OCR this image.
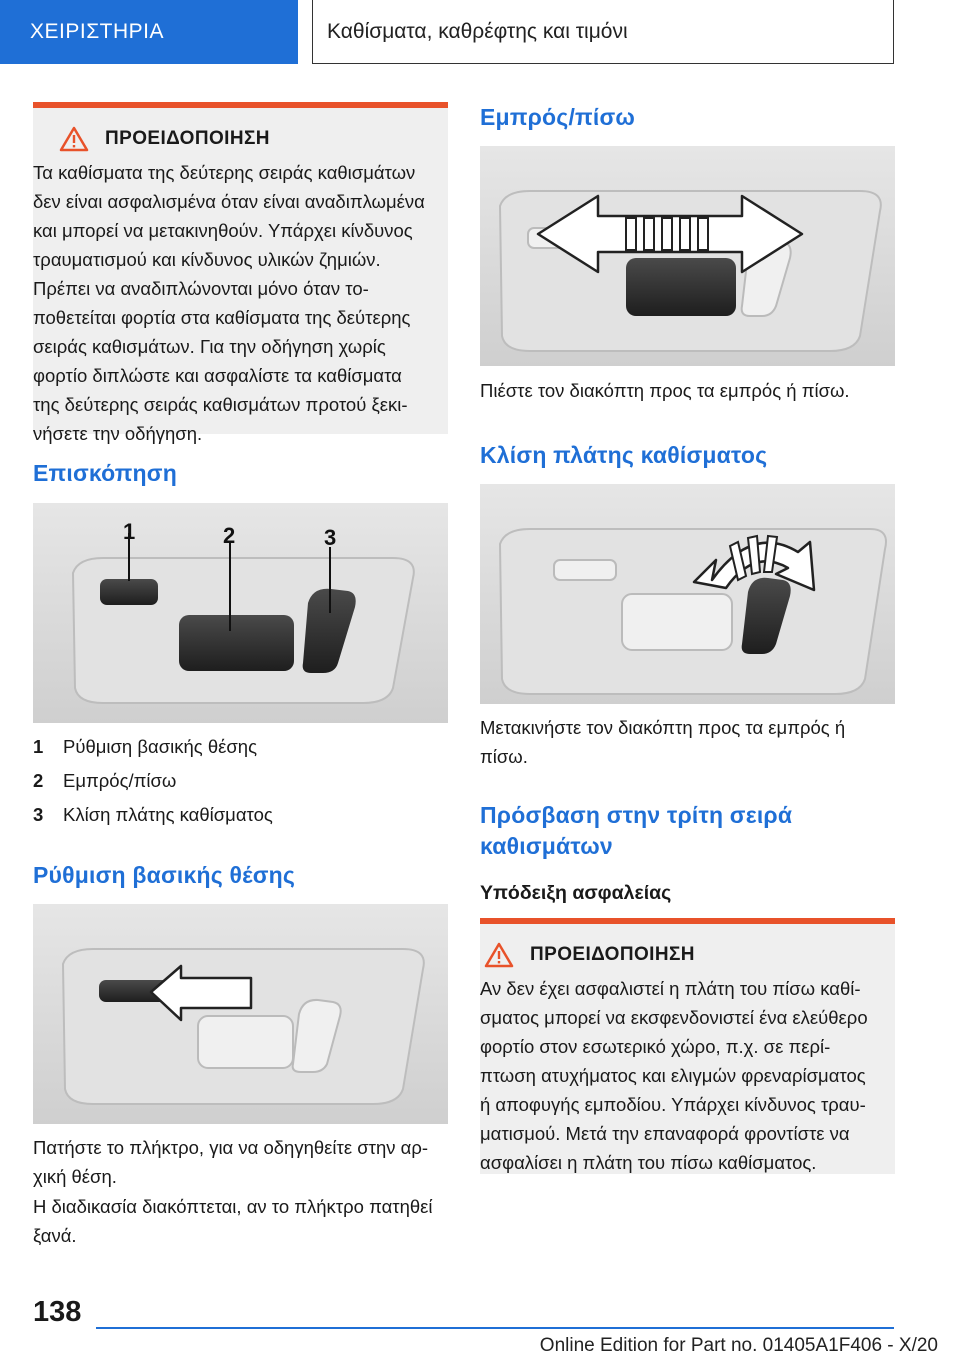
ΧΕΙΡΙΣΤΗΡΙΑ	Καθίσματα, καθρέφτης και τιμόνι
ΠΡΟΕΙΔΟΠΟΙΗΣΗ
Τα καθίσματα της δεύτερης σειράς καθισμάτων δεν είναι ασφαλισμένα όταν είναι αναδιπλωμένα και μπορεί να μετακινηθούν. Υπάρχει κίνδυνος τραυματισμού και κίνδυνος υλικών ζημιών. Πρέπει να αναδιπλώνονται μόνο όταν τοποθετείται φορτία στα καθίσματα της δεύτερης σειράς καθισμάτων. Για την οδήγηση χωρίς φορτίο διπλώστε και ασφαλίστε τα καθίσματα της δεύτερης σειράς καθισμάτων προτού ξεκινήσετε την οδήγηση.
Επισκόπηση
1	2	3
1	Ρύθμιση βασικής θέσης
2	Εμπρός/πίσω
3	Κλίση πλάτης καθίσματος
Ρύθμιση βασικής θέσης
Πατήστε το πλήκτρο, για να οδηγηθείτε στην αρχική θέση.
Η διαδικασία διακόπτεται, αν το πλήκτρο πατηθεί ξανά.
Εμπρός/πίσω
Πιέστε τον διακόπτη προς τα εμπρός ή πίσω.
Κλίση πλάτης καθίσματος
Μετακινήστε τον διακόπτη προς τα εμπρός ή πίσω.
Πρόσβαση στην τρίτη σειρά καθισμάτων
Υπόδειξη ασφαλείας
ΠΡΟΕΙΔΟΠΟΙΗΣΗ
Αν δεν έχει ασφαλιστεί η πλάτη του πίσω καθίσματος μπορεί να εκσφενδονιστεί ένα ελεύθερο φορτίο στον εσωτερικό χώρο, π.χ. σε περίπτωση ατυχήματος και ελιγμών φρεναρίσματος ή αποφυγής εμποδίου. Υπάρχει κίνδυνος τραυματισμού. Μετά την επαναφορά φροντίστε να ασφαλίσει η πλάτη του πίσω καθίσματος.
138
Online Edition for Part no. 01405A1F406 - X/20
